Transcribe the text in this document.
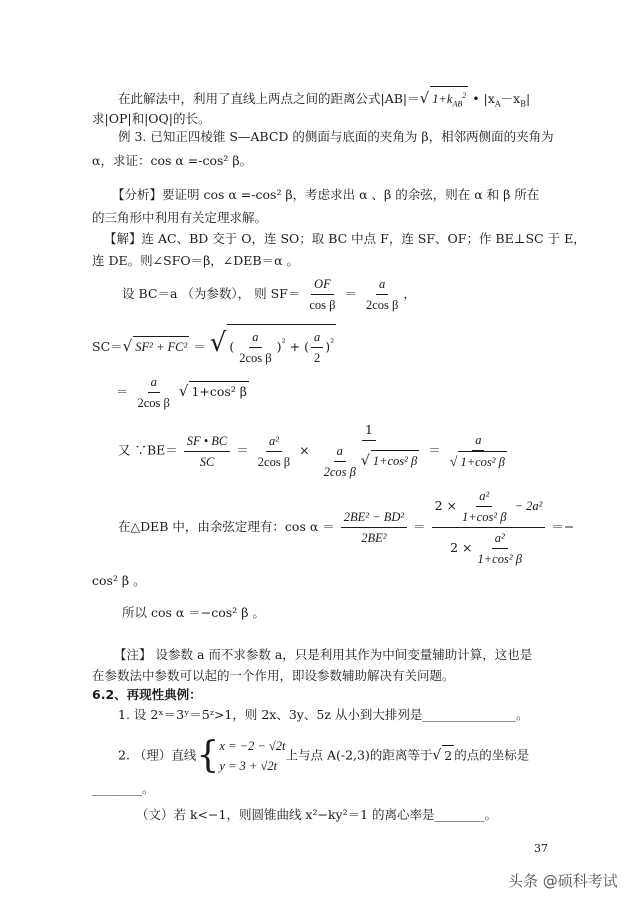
在此解法中，利用了直线上两点之间的距离公式|AB|＝√ $1+k_{AB}^2$ • $|x_A-x_B|$
求|OP|和|OQ|的长。
例 3. 已知正四棱锥 S—ABCD 的侧面与底面的夹角为 β，相邻两侧面的夹角为
α，求证：cos α =-cos² β。
【分析】要证明 cos α =-cos² β，考虑求出 α 、β 的余弦，则在 α 和 β 所在
的三角形中利用有关定理求解。
【解】连 AC、BD 交于 O，连 SO；取 BC 中点 F，连 SF、OF；作 BE⊥SC 于 E，
连 DE。则∠SFO＝β，∠DEB＝α 。
设 BC＝a （为参数）， 则 $SF= \frac{OF}{\text{cos β}} = \frac{a}{\text{2cos β}}$ ，
SC＝√ SF² + FC² ＝ √ ( $\frac{a}{\text{2cos β}} )^{^2}$ + ( $\frac{a}{2} )^{^2}$
＝ $\frac{a}{\text{2cos β}}$ √ 1+cos² β
又 ∵BE＝ $\frac{SF • BC}{SC} = \frac{\text{a²}}{\text{2cos β}} \times \frac{1}{\frac{a}{\text{2cos β}} √ 1+\cos^2 \beta} = \frac{a}{\text{√ 1+cos² β}}$
在△DEB 中，由余弦定理有：$\cos \alpha = \frac{\text{2BE² − BD²}}{\text{2BE²}} = \frac{2 \times \frac{\text{a²}}{\text{1+cos² β}} - 2a^2}{2 \times \frac{\text{a²}}{\text{1+cos² β}}}$ ＝−
cos² β 。
所以 cos α ＝−cos² β 。
【注】 设参数 a 而不求参数 a，只是利用其作为中间变量辅助计算，这也是
在参数法中参数可以起的一个作用，即设参数辅助解决有关问题。
6.2、再现性典例：
1. 设 2ˣ＝3ʸ＝5ᶻ>1，则 2x、3y、5z 从小到大排列是_______________。
2. （理）直线{ x = −2 − √2t
y = 3 + √2t
上与点 A(-2,3)的距离等于√ 2 的点的坐标是
________。
（文）若 k<−1，则圆锥曲线 x²−ky²＝1 的离心率是________。
37
头条 @硕科考试
